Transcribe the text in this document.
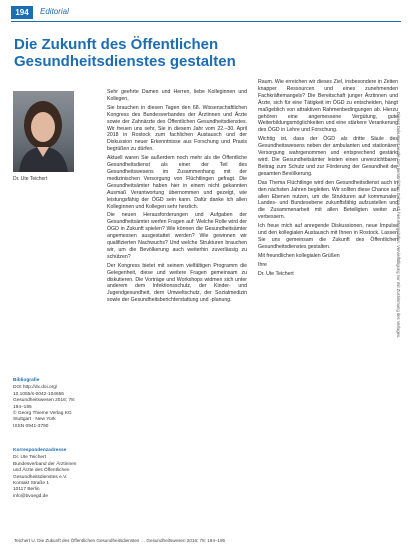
194	Editorial
Die Zukunft des Öffentlichen Gesundheitsdienstes gestalten
Dr. Ute Teichert

Sehr geehrte Damen und Herren, liebe Kolleginnen und Kollegen,

Sie brauchen in diesen Tagen den 68. Wissenschaftlichen Kongress des Bundesverbandes der Ärztinnen und Ärzte sowie der Zahnärzte des Öffentlichen Gesundheitsdienstes. Wir freuen uns sehr, Sie in diesem Jahr vom 22.–30. April 2018 in Rostock zum fachlichen Austausch und der Diskussion neuer Erkenntnisse aus Forschung und Praxis begrüßen zu dürfen.

Aktuell waren Sie außerdem noch mehr als die Öffentliche Gesundheitsdienst als einer der Teil des Gesundheitswesens im Zusammenhang mit der medizinischen Versorgung von Flüchtlingen gefragt. Die Gesundheitsämter haben hier in einem nicht gekannten Ausmaß Verantwortung übernommen und gezeigt, wie leistungsfähig der ÖGD sein kann. Dafür danke ich allen Kolleginnen und Kollegen sehr herzlich.

Die neuen Herausforderungen und Aufgaben der Gesundheitsämter werfen Fragen auf: Welche Rolle wird der ÖGD in Zukunft spielen? Wie können die Gesundheitsämter angemessen ausgestattet werden? Wie gewinnen wir qualifizierten Nachwuchs? Und welche Strukturen brauchen wir, um die Bevölkerung auch weiterhin zuverlässig zu schützen?

Der Kongress bietet mit seinem vielfältigen Programm die Gelegenheit, diese und weitere Fragen gemeinsam zu diskutieren. Die Vorträge und Workshops widmen sich unter anderem dem Infektionsschutz, der Kinder- und Jugendgesundheit, dem Umweltschutz, der Sozialmedizin sowie der Gesundheitsberichterstattung und -planung.

Raum. Wie erreichen wir dieses Ziel, insbesondere in Zeiten knapper Ressourcen und eines zunehmenden Fachkräftemangels? Die Bereitschaft junger Ärztinnen und Ärzte, sich für eine Tätigkeit im ÖGD zu entscheiden, hängt maßgeblich von attraktiven Rahmenbedingungen ab. Hierzu gehören eine angemessene Vergütung, gute Weiterbildungsmöglichkeiten und eine stärkere Verankerung des ÖGD in Lehre und Forschung.

Wichtig ist, dass der ÖGD als dritte Säule des Gesundheitswesens neben der ambulanten und stationären Versorgung wahrgenommen und entsprechend gestärkt wird. Die Gesundheitsämter leisten einen unverzichtbaren Beitrag zum Schutz und zur Förderung der Gesundheit der gesamten Bevölkerung.

Das Thema Flüchtlinge wird den Gesundheitsdienst auch in den nächsten Jahren begleiten. Wir sollten diese Chance auf allen Ebenen nutzen, um die Strukturen auf kommunaler, Landes- und Bundesebene zukunftsfähig aufzustellen und die Zusammenarbeit mit allen Beteiligten weiter zu verbessern.

Ich freue mich auf anregende Diskussionen, neue Impulse und den kollegialen Austausch mit Ihnen in Rostock. Lassen Sie uns gemeinsam die Zukunft des Öffentlichen Gesundheitsdienstes gestalten.

Mit freundlichen kollegialen Grüßen

Ihre

Dr. Ute Teichert

Bibliografie
DOI http://dx.doi.org/
10.1055/s-0042-104656
Gesundheitswesen 2016; 78:
194–195
© Georg Thieme Verlag KG
Stuttgart · New York
ISSN 0941-3790
Korrespondenzadresse
Dr. Ute Teichert
Bundesverband der Ärztinnen
und Ärzte des Öffentlichen
Gesundheitsdienstes e.V.
Kontakt Straße 1
10117 Berlin
info@bvoegd.de
Dieses Dokument wurde zum persönlichen Gebrauch heruntergeladen. Vervielfältigung nur mit Zustimmung des Verlages.
Teichert U. Die Zukunft des Öffentlichen Gesundheitsdienstes … Gesundheitswesen 2016; 78: 194–195
